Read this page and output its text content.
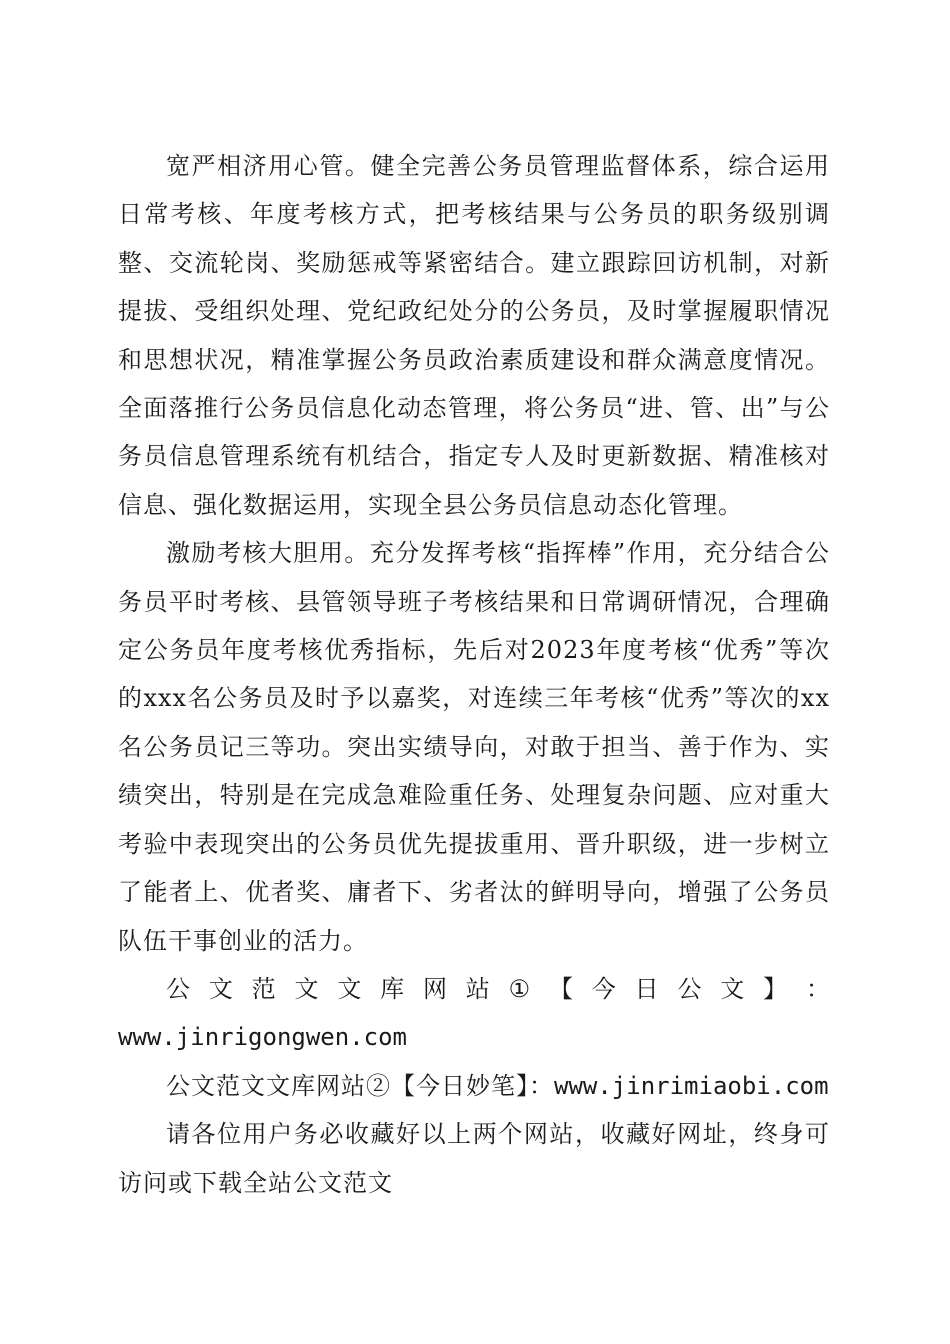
宽严相济用心管。健全完善公务员管理监督体系，综合运用日常考核、年度考核方式，把考核结果与公务员的职务级别调整、交流轮岗、奖励惩戒等紧密结合。建立跟踪回访机制，对新提拔、受组织处理、党纪政纪处分的公务员，及时掌握履职情况和思想状况，精准掌握公务员政治素质建设和群众满意度情况。全面落推行公务员信息化动态管理，将公务员“进、管、出”与公务员信息管理系统有机结合，指定专人及时更新数据、精准核对信息、强化数据运用，实现全县公务员信息动态化管理。

激励考核大胆用。充分发挥考核“指挥棒”作用，充分结合公务员平时考核、县管领导班子考核结果和日常调研情况，合理确定公务员年度考核优秀指标，先后对2023年度考核“优秀”等次的xxx名公务员及时予以嘉奖，对连续三年考核“优秀”等次的xx名公务员记三等功。突出实绩导向，对敢于担当、善于作为、实绩突出，特别是在完成急难险重任务、处理复杂问题、应对重大考验中表现突出的公务员优先提拔重用、晋升职级，进一步树立了能者上、优者奖、庸者下、劣者汰的鲜明导向，增强了公务员队伍干事创业的活力。

公 文 范 文 文 库 网 站 ① 【 今 日 公 文 】 ：
www.jinrigongwen.com

公文范文文库网站②【今日妙笔】：www.jinrimiaobi.com

请各位用户务必收藏好以上两个网站，收藏好网址，终身可访问或下载全站公文范文
